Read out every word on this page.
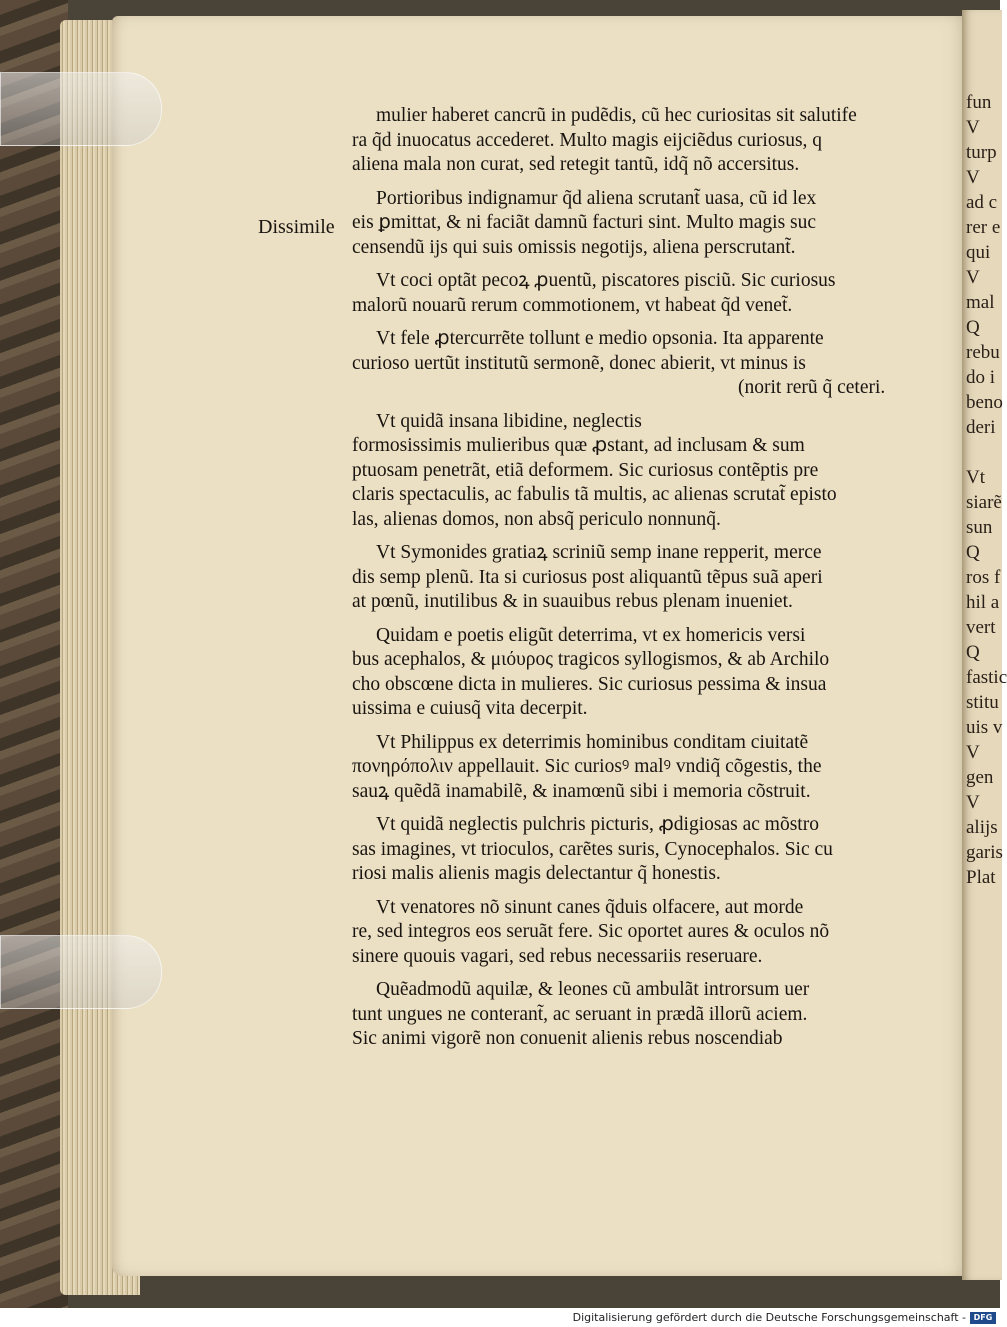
fun
V
turp
V
ad c
rer e
qui
V
mal
Q
rebu
do i
beno
deri
Vt
siarẽ
sun
Q
ros f
hil a
vert
Q
fastic
stitu
uis v
V
gen
V
alijs
garis
Plat
Dissimile

mulier haberet cancrũ in pudẽdis, cũ hec curiositas sit salutife

ra q̃d inuocatus accederet. Multo magis eijciẽdus curiosus, q

aliena mala non curat, sed retegit tantũ, idq̃ nõ accersitus.

Portioribus indignamur q̃d aliena scrutant̃ uasa, cũ id lex

eis ꝑmittat, & ni faciãt damnũ facturi sint. Multo magis suc

censendũ ijs qui suis omissis negotijs, aliena perscrutant̃.

Vt coci optãt pecoꝝ ꝓuentũ, piscatores pisciũ. Sic curiosus

malorũ nouarũ rerum commotionem, vt habeat q̃d venet̃.

Vt fele ꝓtercurrẽte tollunt e medio opsonia. Ita apparente

curioso uertũt institutũ sermonẽ, donec abierit, vt minus is

(norit rerũ q̃ ceteri.

Vt quidã insana libidine, neglectis

formosissimis mulieribus quæ ꝓstant, ad inclusam & sum

ptuosam penetrãt, etiã deformem. Sic curiosus contẽptis pre

claris spectaculis, ac fabulis tã multis, ac alienas scrutat̃ episto

las, alienas domos, non absq̃ periculo nonnunq̃.

Vt Symonides gratiaꝝ scriniũ semp inane repperit, merce

dis semp plenũ. Ita si curiosus post aliquantũ tẽpus suã aperi

at pœnũ, inutilibus & in suauibus rebus plenam inueniet.

Quidam e poetis eligũt deterrima, vt ex homericis versi

bus acephalos, & μιόυρος tragicos syllogismos, & ab Archilo

cho obscœne dicta in mulieres. Sic curiosus pessima & insua

uissima e cuiusq̃ vita decerpit.

Vt Philippus ex deterrimis hominibus conditam ciuitatẽ

πονηρόπολιν appellauit. Sic curiosꝰ malꝰ vndiq̃ cõgestis, the

sauꝝ quẽdã inamabilẽ, & inamœnũ sibi i memoria cõstruit.

Vt quidã neglectis pulchris picturis, ꝓdigiosas ac mõstro

sas imagines, vt trioculos, carẽtes suris, Cynocephalos. Sic cu

riosi malis alienis magis delectantur q̃ honestis.

Vt venatores nõ sinunt canes q̃duis olfacere, aut morde

re, sed integros eos seruãt fere. Sic oportet aures & oculos nõ

sinere quouis vagari, sed rebus necessariis reseruare.

Quẽadmodũ aquilæ, & leones cũ ambulãt introrsum uer

tunt ungues ne conterant̃, ac seruant in prædã illorũ aciem.

Sic animi vigorẽ non conuenit alienis rebus noscendiab

Digitalisierung gefördert durch die Deutsche Forschungsgemeinschaft - DFG
